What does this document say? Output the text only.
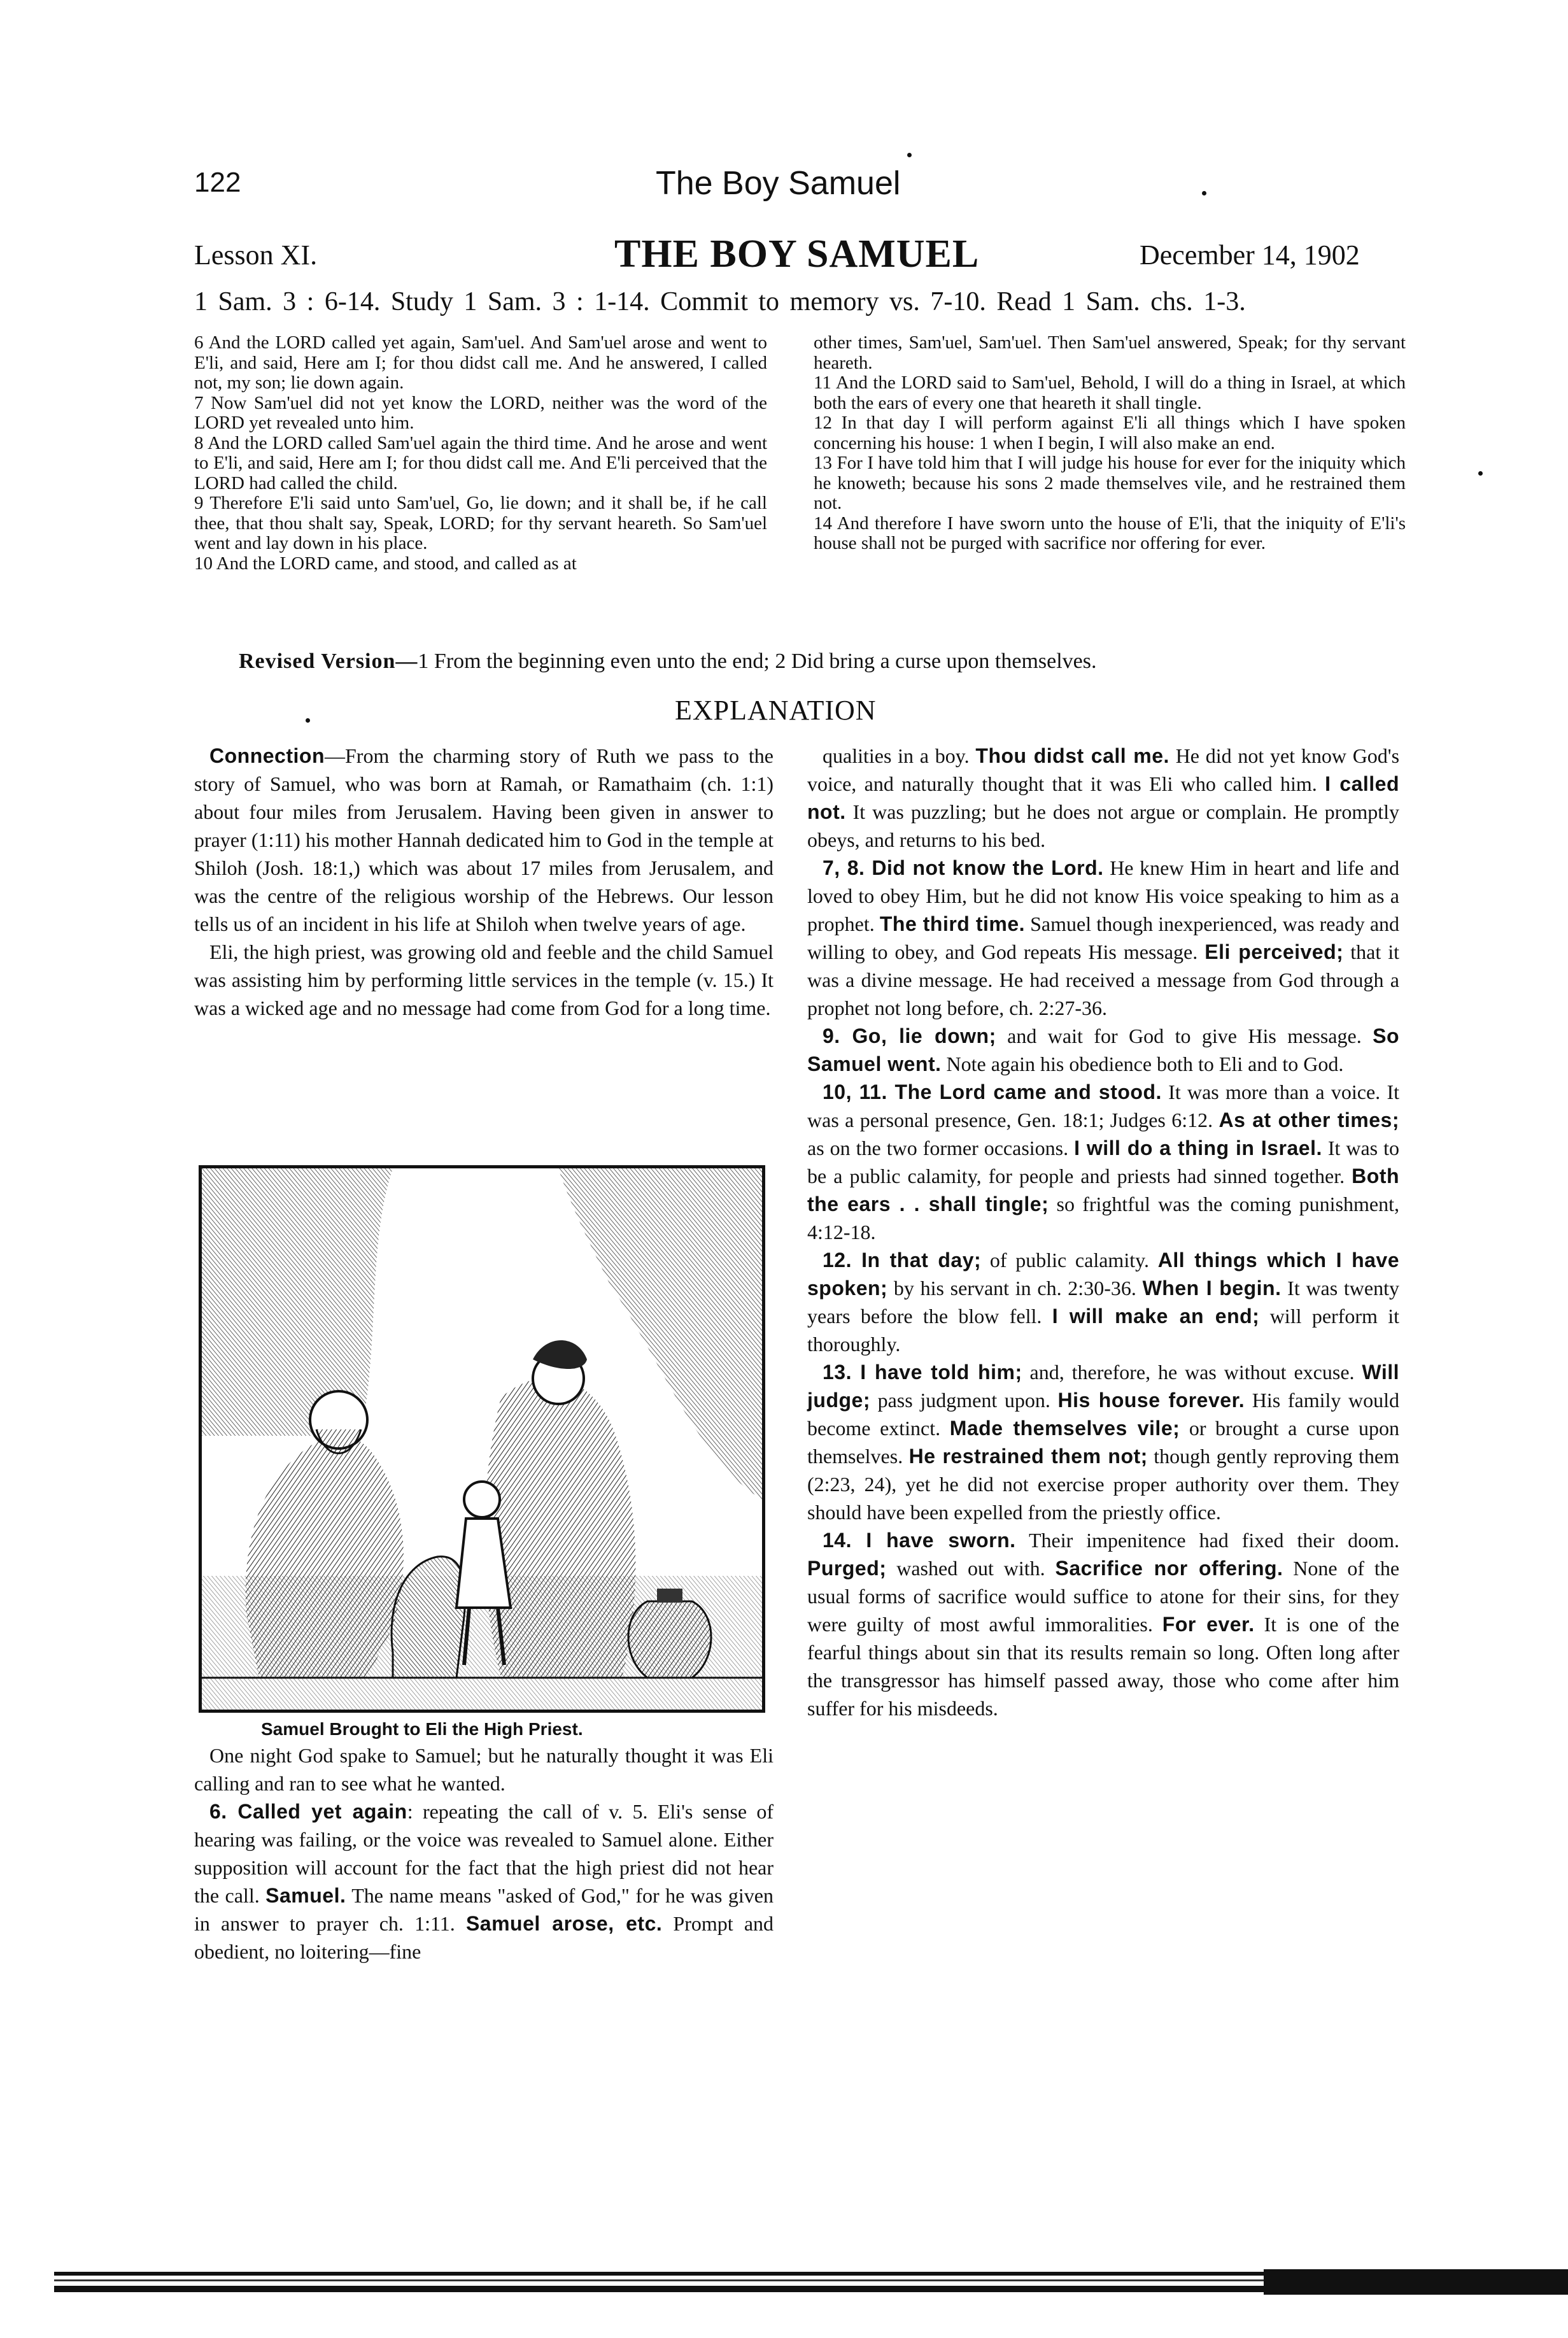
122	The Boy Samuel
Lesson XI.	THE BOY SAMUEL	December 14, 1902
1 Sam. 3 : 6-14. Study 1 Sam. 3 : 1-14. Commit to memory vs. 7-10. Read 1 Sam. chs. 1-3.

6 And the LORD called yet again, Sam'uel. And Sam'uel arose and went to E'li, and said, Here am I; for thou didst call me. And he answered, I called not, my son; lie down again.

7 Now Sam'uel did not yet know the LORD, neither was the word of the LORD yet revealed unto him.

8 And the LORD called Sam'uel again the third time. And he arose and went to E'li, and said, Here am I; for thou didst call me. And E'li perceived that the LORD had called the child.

9 Therefore E'li said unto Sam'uel, Go, lie down; and it shall be, if he call thee, that thou shalt say, Speak, LORD; for thy servant heareth. So Sam'uel went and lay down in his place.

10 And the LORD came, and stood, and called as at

other times, Sam'uel, Sam'uel. Then Sam'uel answered, Speak; for thy servant heareth.

11 And the LORD said to Sam'uel, Behold, I will do a thing in Israel, at which both the ears of every one that heareth it shall tingle.

12 In that day I will perform against E'li all things which I have spoken concerning his house: 1 when I begin, I will also make an end.

13 For I have told him that I will judge his house for ever for the iniquity which he knoweth; because his sons 2 made themselves vile, and he restrained them not.

14 And therefore I have sworn unto the house of E'li, that the iniquity of E'li's house shall not be purged with sacrifice nor offering for ever.

Revised Version—1 From the beginning even unto the end; 2 Did bring a curse upon themselves.
EXPLANATION

Connection—From the charming story of Ruth we pass to the story of Samuel, who was born at Ramah, or Ramathaim (ch. 1:1) about four miles from Jerusalem. Having been given in answer to prayer (1:11) his mother Hannah dedicated him to God in the temple at Shiloh (Josh. 18:1,) which was about 17 miles from Jerusalem, and was the centre of the religious worship of the Hebrews. Our lesson tells us of an incident in his life at Shiloh when twelve years of age.

Eli, the high priest, was growing old and feeble and the child Samuel was assisting him by performing little services in the temple (v. 15.) It was a wicked age and no message had come from God for a long time.

Samuel Brought to Eli the High Priest.

One night God spake to Samuel; but he naturally thought it was Eli calling and ran to see what he wanted.

6. Called yet again: repeating the call of v. 5. Eli's sense of hearing was failing, or the voice was revealed to Samuel alone. Either supposition will account for the fact that the high priest did not hear the call. Samuel. The name means "asked of God," for he was given in answer to prayer ch. 1:11. Samuel arose, etc. Prompt and obedient, no loitering—fine

qualities in a boy. Thou didst call me. He did not yet know God's voice, and naturally thought that it was Eli who called him. I called not. It was puzzling; but he does not argue or complain. He promptly obeys, and returns to his bed.

7, 8. Did not know the Lord. He knew Him in heart and life and loved to obey Him, but he did not know His voice speaking to him as a prophet. The third time. Samuel though inexperienced, was ready and willing to obey, and God repeats His message. Eli perceived; that it was a divine message. He had received a message from God through a prophet not long before, ch. 2:27-36.

9. Go, lie down; and wait for God to give His message. So Samuel went. Note again his obedience both to Eli and to God.

10, 11. The Lord came and stood. It was more than a voice. It was a personal presence, Gen. 18:1; Judges 6:12. As at other times; as on the two former occasions. I will do a thing in Israel. It was to be a public calamity, for people and priests had sinned together. Both the ears . . shall tingle; so frightful was the coming punishment, 4:12-18.

12. In that day; of public calamity. All things which I have spoken; by his servant in ch. 2:30-36. When I begin. It was twenty years before the blow fell. I will make an end; will perform it thoroughly.

13. I have told him; and, therefore, he was without excuse. Will judge; pass judgment upon. His house forever. His family would become extinct. Made themselves vile; or brought a curse upon themselves. He restrained them not; though gently reproving them (2:23, 24), yet he did not exercise proper authority over them. They should have been expelled from the priestly office.

14. I have sworn. Their impenitence had fixed their doom. Purged; washed out with. Sacrifice nor offering. None of the usual forms of sacrifice would suffice to atone for their sins, for they were guilty of most awful immoralities. For ever. It is one of the fearful things about sin that its results remain so long. Often long after the transgressor has himself passed away, those who come after him suffer for his misdeeds.
